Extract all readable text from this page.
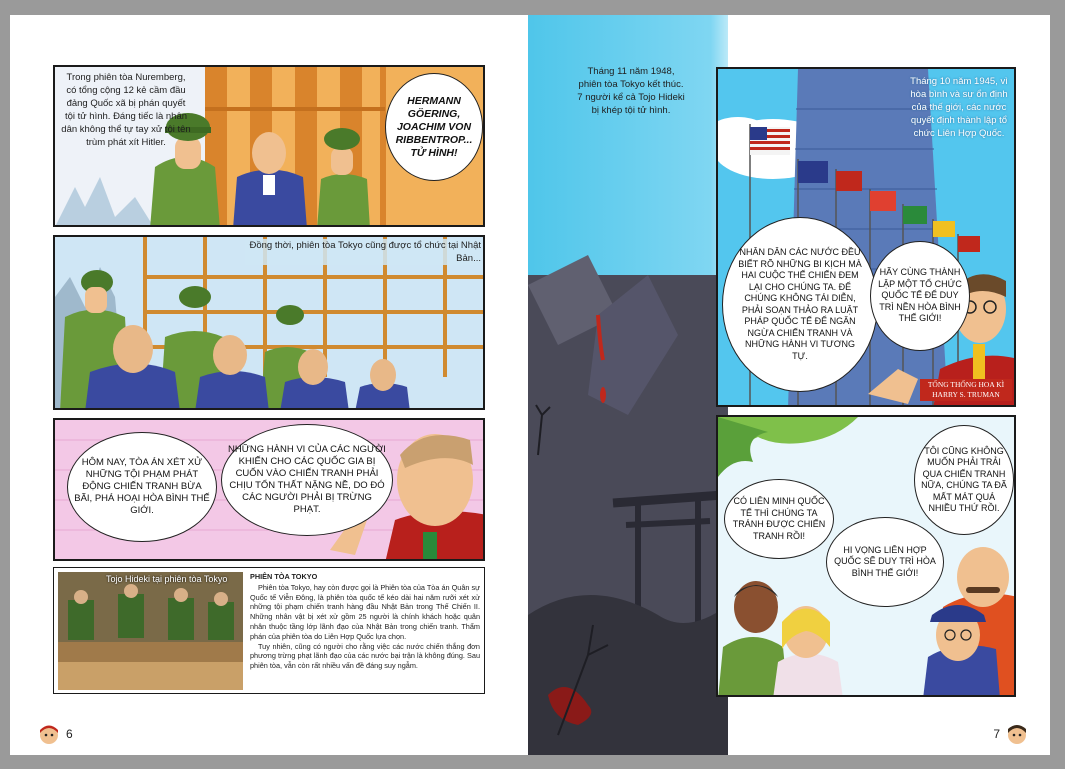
Trong phiên tòa Nuremberg, có tổng cộng 12 kẻ cầm đầu đảng Quốc xã bị phán quyết tội tử hình. Đáng tiếc là nhân dân không thể tự tay xử tội tên trùm phát xít Hitler.
HERMANN GÖERING, JOACHIM VON RIBBENTROP... TỬ HÌNH!
Đồng thời, phiên tòa Tokyo cũng được tổ chức tại Nhật Bản...
HÔM NAY, TÒA ÁN XÉT XỬ NHỮNG TỘI PHẠM PHÁT ĐỘNG CHIẾN TRANH BỪA BÃI, PHÁ HOẠI HÒA BÌNH THẾ GIỚI.
NHỮNG HÀNH VI CỦA CÁC NGƯỜI KHIẾN CHO CÁC QUỐC GIA BỊ CUỐN VÀO CHIẾN TRANH PHẢI CHỊU TỔN THẤT NẶNG NỀ, DO ĐÓ CÁC NGƯỜI PHẢI BỊ TRỪNG PHẠT.
Tojo Hideki tại phiên tòa Tokyo	PHIÊN TÒA TOKYO
Phiên tòa Tokyo, hay còn được gọi là Phiên tòa của Tòa án Quân sự Quốc tế Viễn Đông, là phiên tòa quốc tế kéo dài hai năm rưỡi xét xử những tội phạm chiến tranh hàng đầu Nhật Bản trong Thế Chiến II. Những nhân vật bị xét xử gồm 25 người là chính khách hoặc quân nhân thuộc tầng lớp lãnh đạo của Nhật Bản trong chiến tranh. Thẩm phán của phiên tòa do Liên Hợp Quốc lựa chọn.
Tuy nhiên, cũng có người cho rằng việc các nước chiến thắng đơn phương trừng phạt lãnh đạo của các nước bại trận là không đúng. Sau phiên tòa, vẫn còn rất nhiều vấn đề đáng suy ngẫm.
6
Tháng 11 năm 1948, phiên tòa Tokyo kết thúc. 7 người kể cả Tojo Hideki bị khép tội tử hình.
Tháng 10 năm 1945, vì hòa bình và sự ổn định của thế giới, các nước quyết định thành lập tổ chức Liên Hợp Quốc.
NHÂN DÂN CÁC NƯỚC ĐỀU BIẾT RÕ NHỮNG BI KỊCH MÀ HAI CUỘC THẾ CHIẾN ĐEM LẠI CHO CHÚNG TA. ĐỂ CHÚNG KHÔNG TÁI DIỄN, PHẢI SOẠN THẢO RA LUẬT PHÁP QUỐC TẾ ĐỂ NGĂN NGỪA CHIẾN TRANH VÀ NHỮNG HÀNH VI TƯƠNG TỰ.
HÃY CÙNG THÀNH LẬP MỘT TỔ CHỨC QUỐC TẾ ĐỂ DUY TRÌ NỀN HÒA BÌNH THẾ GIỚI!
TỔNG THỐNG HOA KÌ
HARRY S. TRUMAN
CÓ LIÊN MINH QUỐC TẾ THÌ CHÚNG TA TRÁNH ĐƯỢC CHIẾN TRANH RỒI!
HI VỌNG LIÊN HỢP QUỐC SẼ DUY TRÌ HÒA BÌNH THẾ GIỚI!
TÔI CŨNG KHÔNG MUỐN PHẢI TRẢI QUA CHIẾN TRANH NỮA, CHÚNG TA ĐÃ MẤT MÁT QUÁ NHIỀU THỨ RỒI.
7
